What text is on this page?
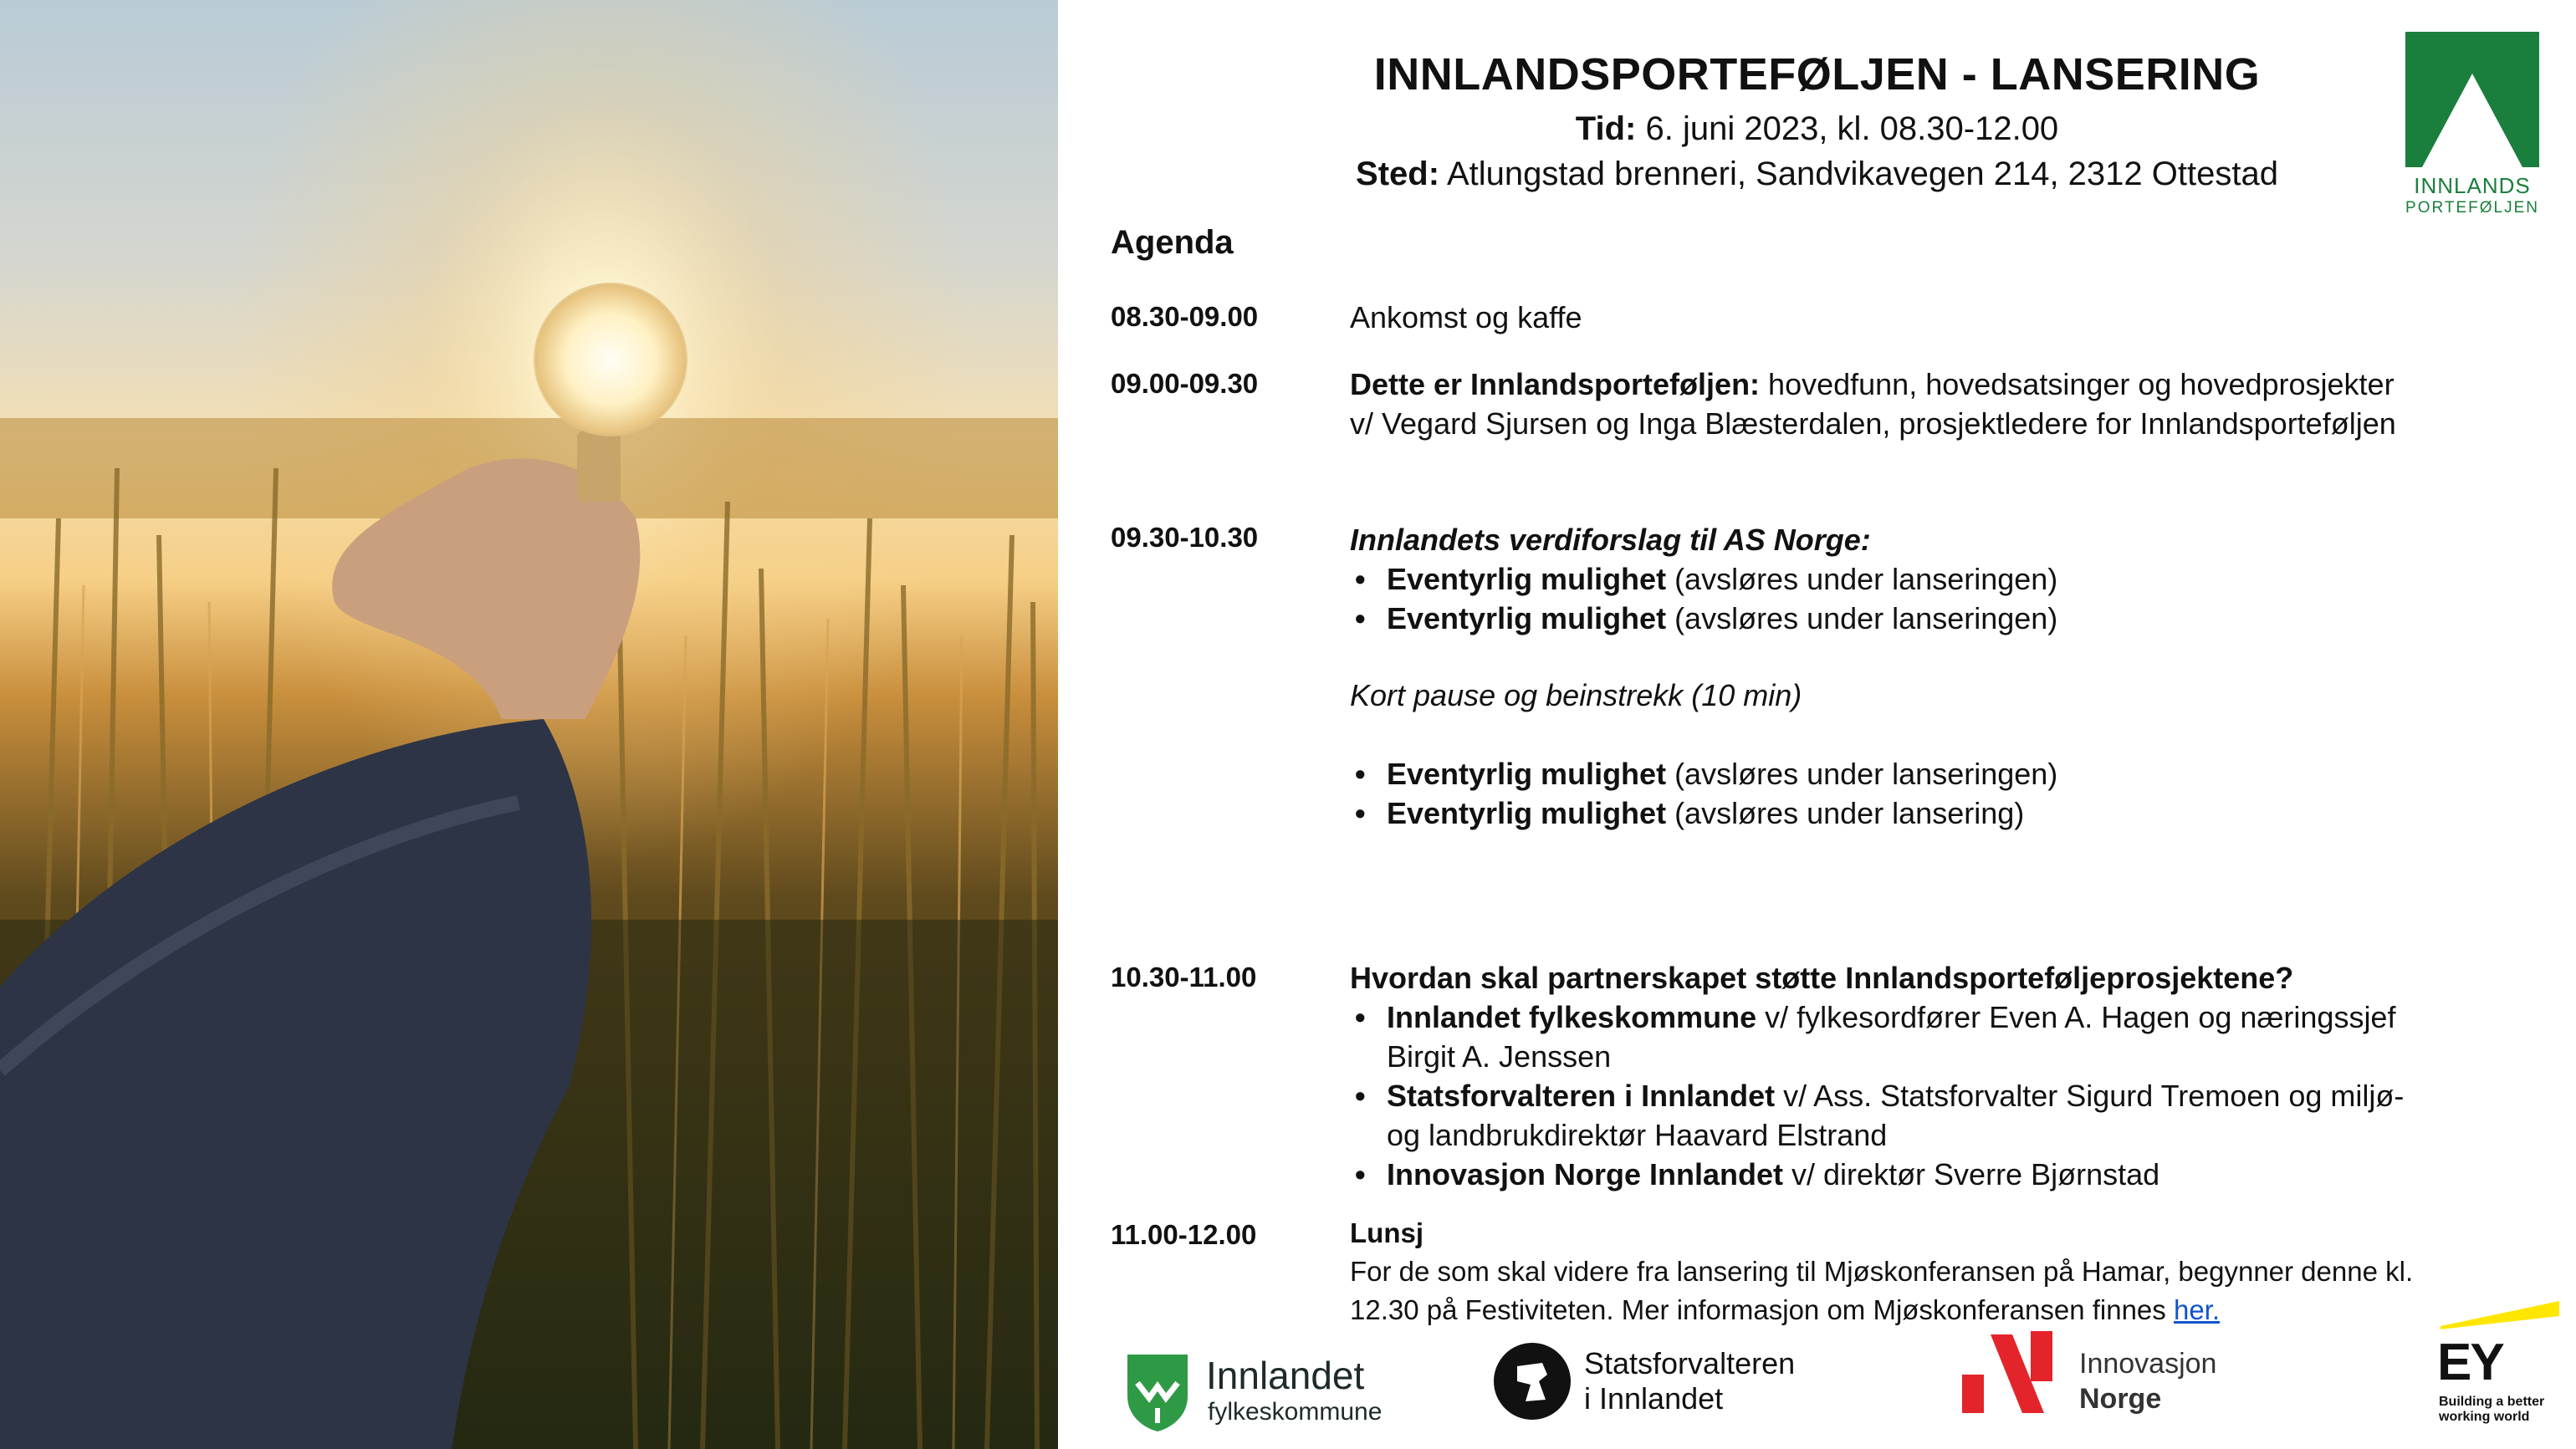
INNLANDS
PORTEFØLJEN
INNLANDSPORTEFØLJEN - LANSERING
Tid: 6. juni 2023, kl. 08.30-12.00
Sted: Atlungstad brenneri, Sandvikavegen 214, 2312 Ottestad
Agenda
08.30-09.00	Ankomst og kaffe
09.00-09.30	Dette er Innlandsporteføljen: hovedfunn, hovedsatsinger og hovedprosjekter
v/ Vegard Sjursen og Inga Blæsterdalen, prosjektledere for Innlandsporteføljen
09.30-10.30	Innlandets verdiforslag til AS Norge:
• Eventyrlig mulighet (avsløres under lanseringen)
• Eventyrlig mulighet (avsløres under lanseringen)
Kort pause og beinstrekk (10 min)
• Eventyrlig mulighet (avsløres under lanseringen)
• Eventyrlig mulighet (avsløres under lansering)
10.30-11.00	Hvordan skal partnerskapet støtte Innlandsporteføljeprosjektene?
• Innlandet fylkeskommune v/ fylkesordfører Even A. Hagen og næringssjef
Birgit A. Jenssen
• Statsforvalteren i Innlandet v/ Ass. Statsforvalter Sigurd Tremoen og miljø-
og landbrukdirektør Haavard Elstrand
• Innovasjon Norge Innlandet v/ direktør Sverre Bjørnstad
11.00-12.00	Lunsj
For de som skal videre fra lansering til Mjøskonferansen på Hamar, begynner denne kl.
12.30 på Festiviteten. Mer informasjon om Mjøskonferansen finnes her.
Innlandet
fylkeskommune
Statsforvalteren
i Innlandet
Innovasjon
Norge
EY
Building a better
working world
